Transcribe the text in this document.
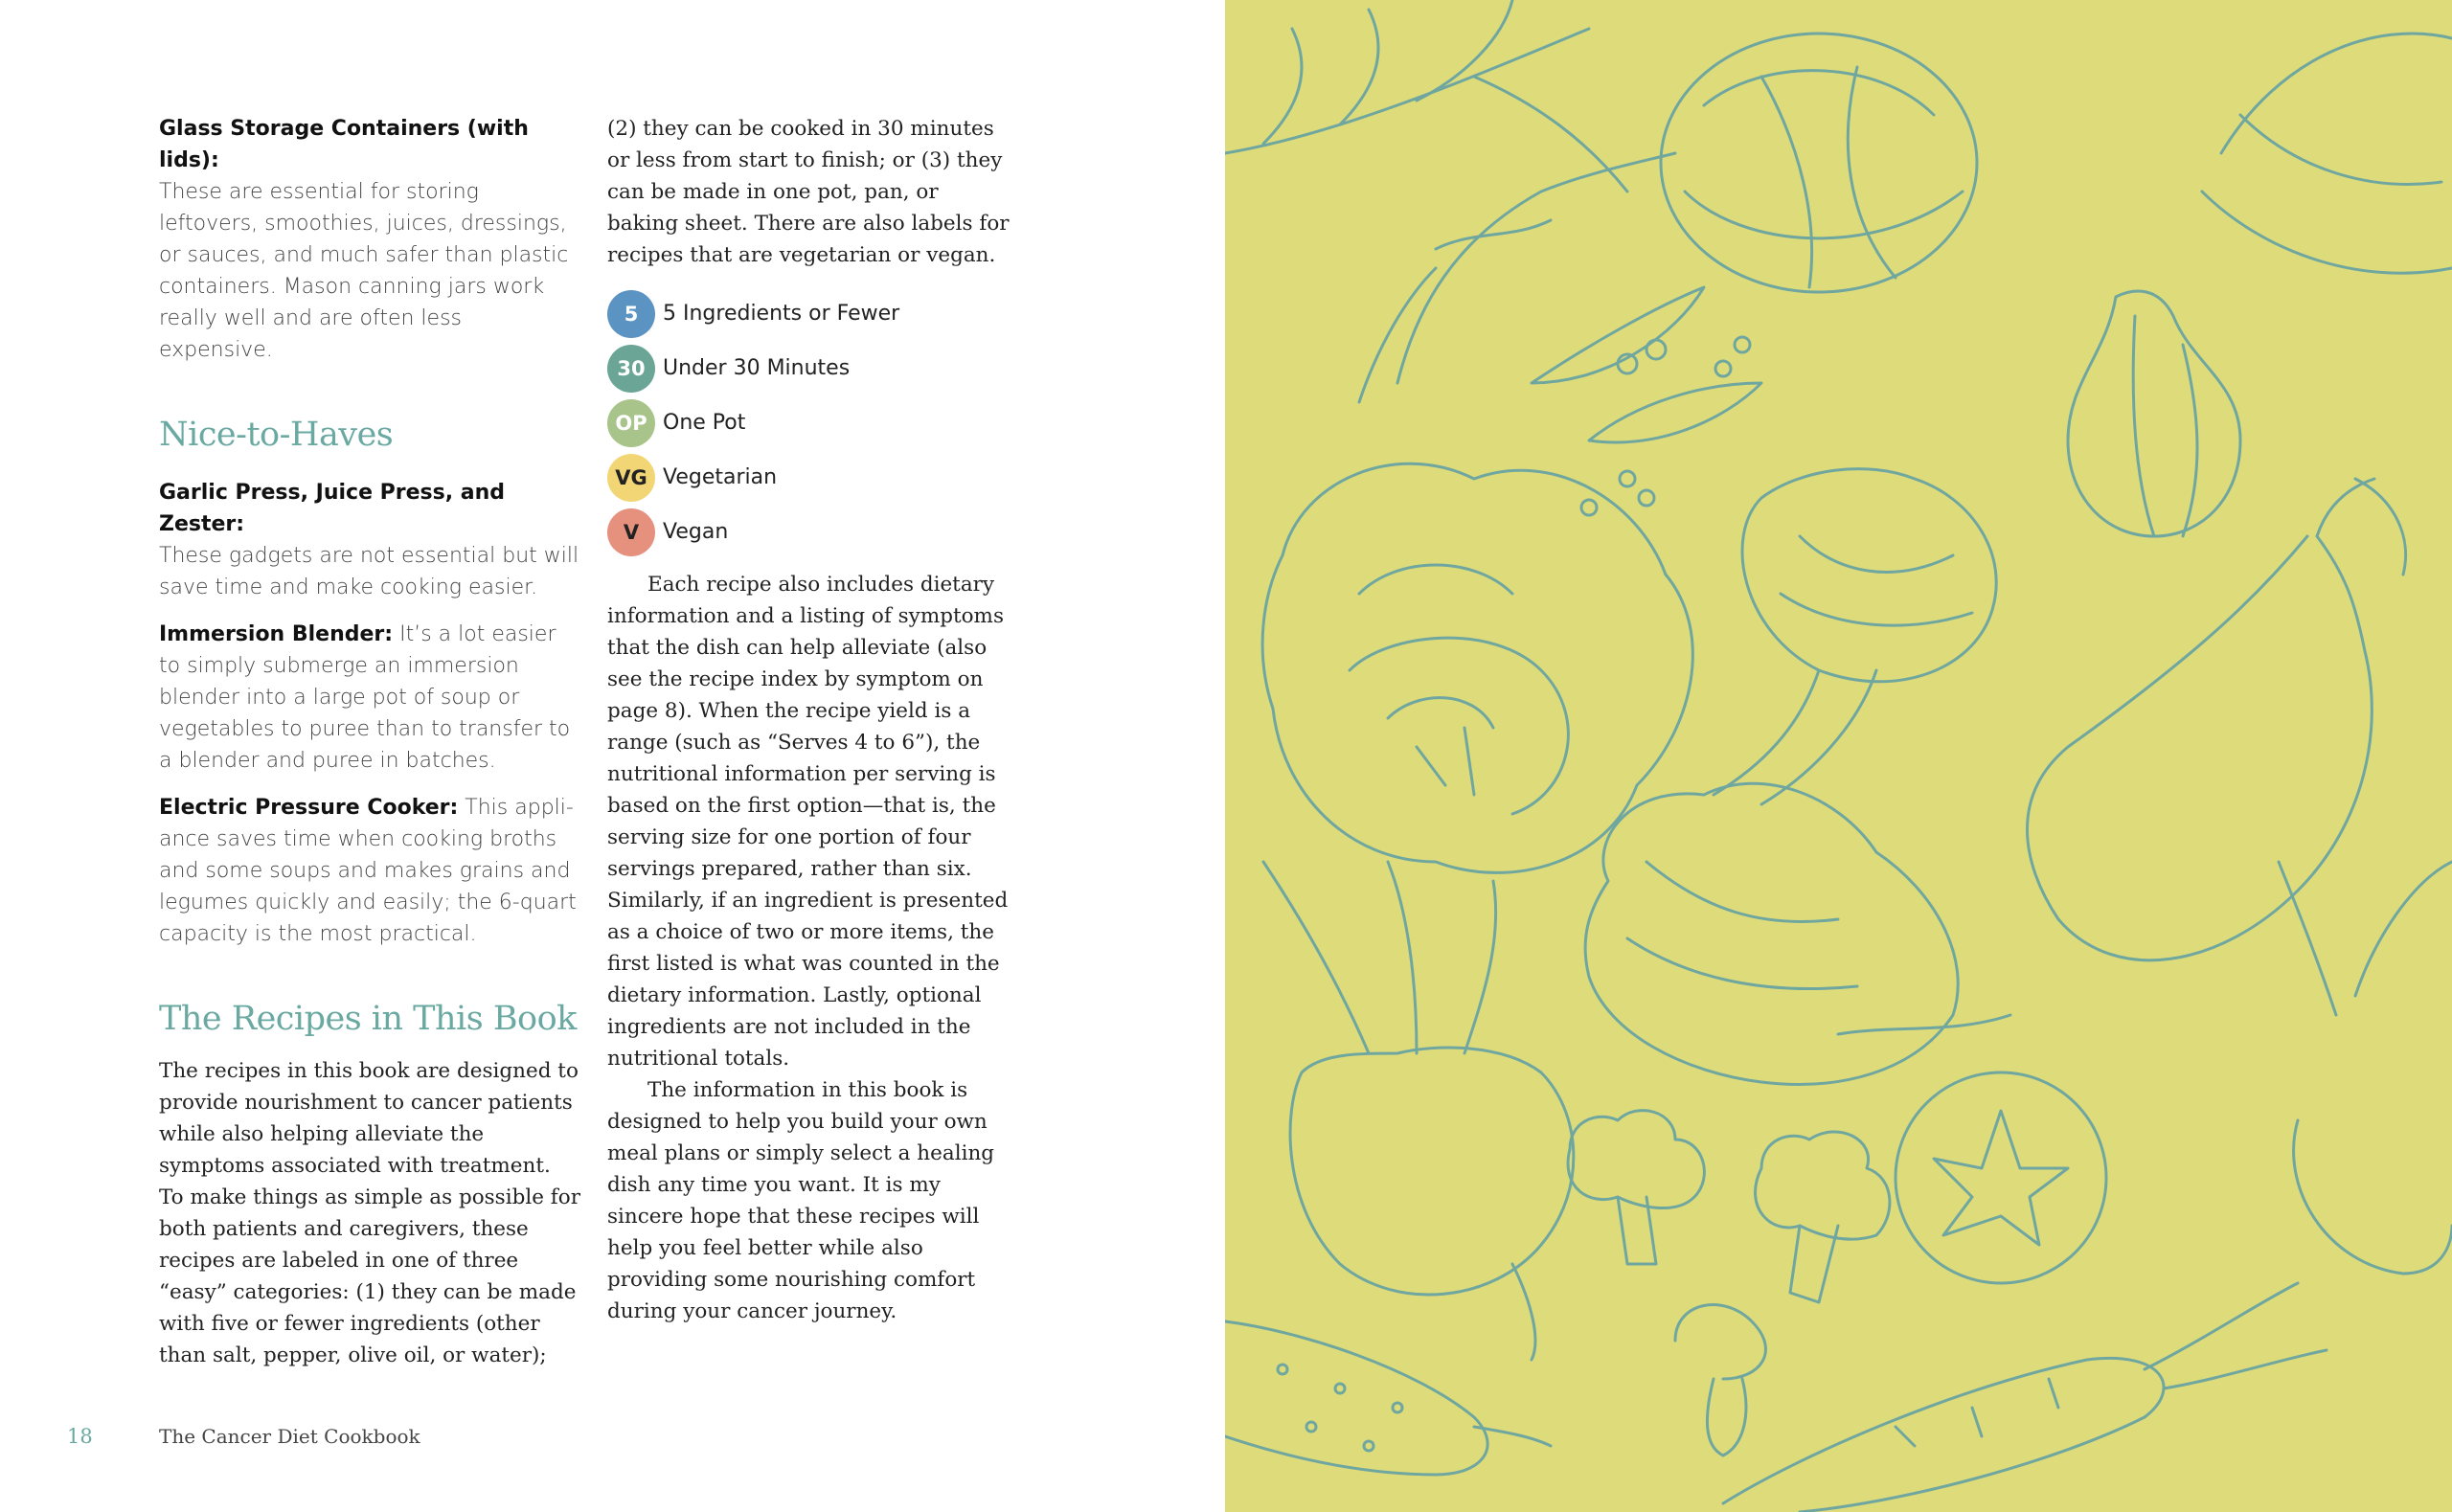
Glass Storage Containers (with lids):
These are essential for storing leftovers, smoothies, juices, dressings, or sauces, and much safer than plastic containers. Mason canning jars work really well and are often less expensive.

Nice-to-Haves

Garlic Press, Juice Press, and Zester:
These gadgets are not essential but will save time and make cooking easier.

Immersion Blender: It’s a lot easier to simply submerge an immersion blender into a large pot of soup or vegetables to puree than to transfer to a blender and puree in batches.

Electric Pressure Cooker: This appliance saves time when cooking broths and some soups and makes grains and legumes quickly and easily; the 6-quart capacity is the most practical.

The Recipes in This Book

The recipes in this book are designed to provide nourishment to cancer patients while also helping alleviate the symptoms associated with treatment. To make things as simple as possible for both patients and caregivers, these recipes are labeled in one of three “easy” categories: (1) they can be made with five or fewer ingredients (other than salt, pepper, olive oil, or water);

(2) they can be cooked in 30 minutes or less from start to finish; or (3) they can be made in one pot, pan, or baking sheet. There are also labels for recipes that are vegetarian or vegan.

5	5 Ingredients or Fewer
30 Under 30 Minutes
OP One Pot
VG Vegetarian
V	Vegan

Each recipe also includes dietary information and a listing of symptoms that the dish can help alleviate (also see the recipe index by symptom on page 8). When the recipe yield is a range (such as “Serves 4 to 6”), the nutritional information per serving is based on the first option—that is, the serving size for one portion of four servings prepared, rather than six. Similarly, if an ingredient is presented as a choice of two or more items, the first listed is what was counted in the dietary information. Lastly, optional ingredients are not included in the nutritional totals.

The information in this book is designed to help you build your own meal plans or simply select a healing dish any time you want. It is my sincere hope that these recipes will help you feel better while also providing some nourishing comfort during your cancer journey.

18	The Cancer Diet Cookbook
